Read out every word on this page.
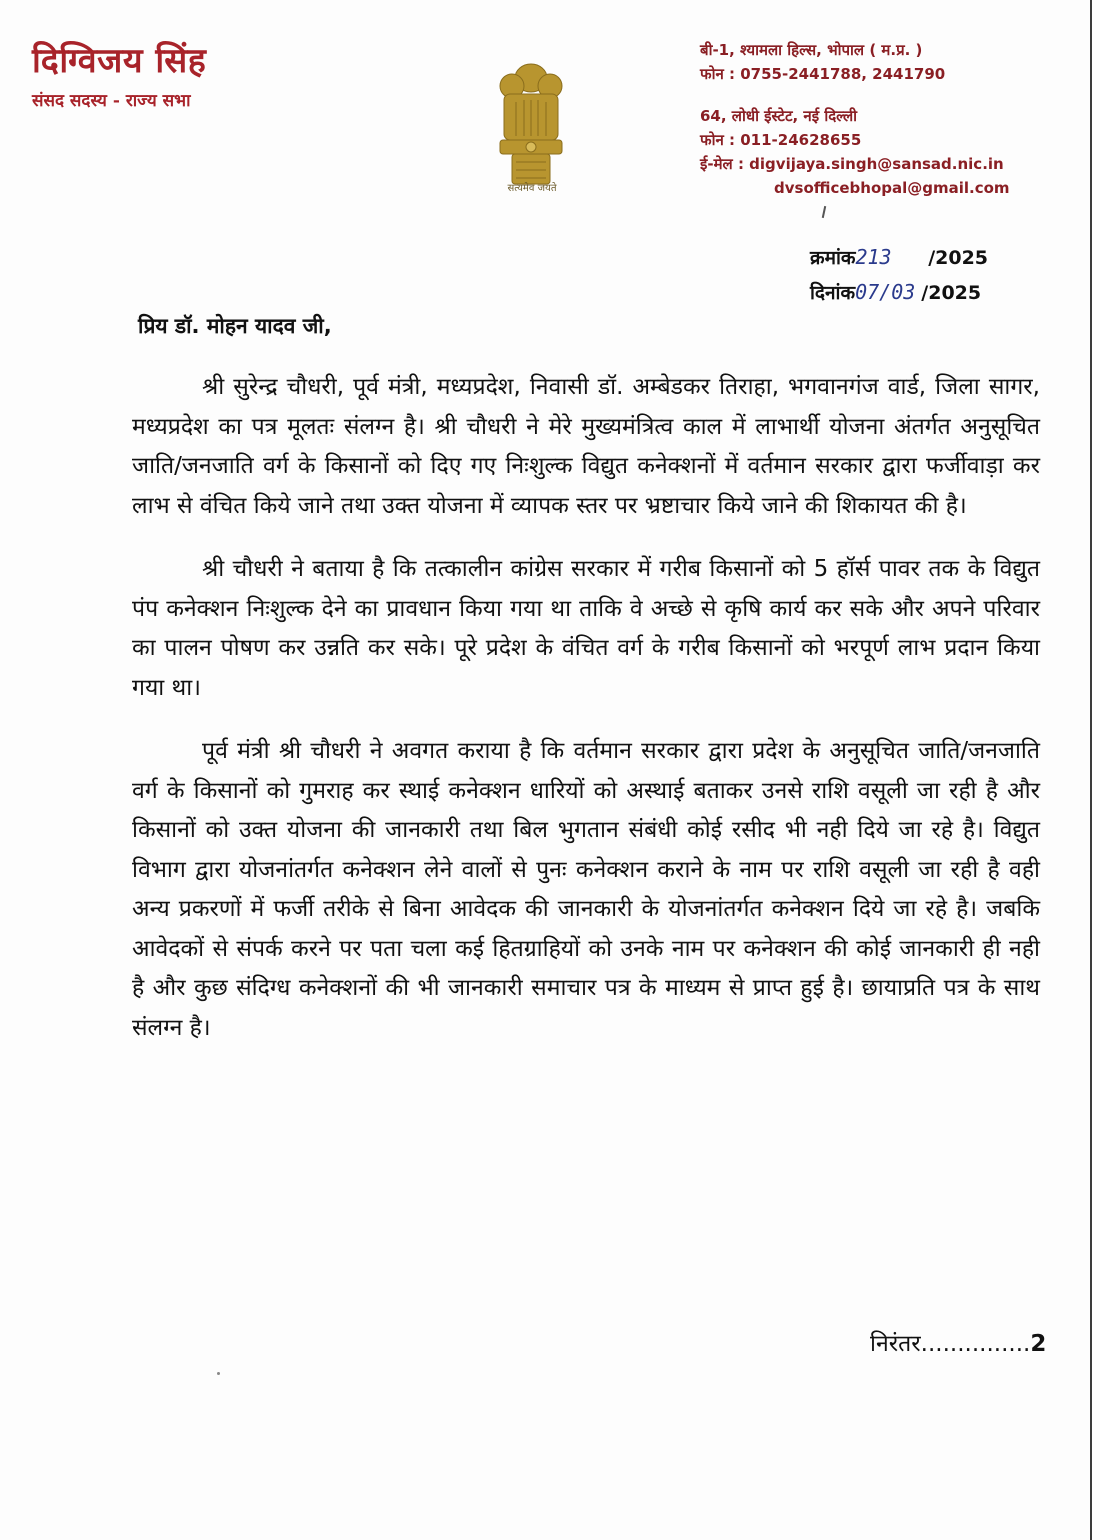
दिग्विजय सिंह
संसद सदस्य - राज्य सभा
सत्यमेव जयते
बी-1, श्यामला हिल्स, भोपाल ( म.प्र. )
फोन : 0755-2441788, 2441790
64, लोधी ईस्टेट, नई दिल्ली
फोन : 011-24628655
ई-मेल : digvijaya.singh@sansad.nic.in
dvsofficebhopal@gmail.com
क्रमांक213 /2025
दिनांक07/03 /2025
प्रिय डॉ. मोहन यादव जी,

श्री सुरेन्द्र चौधरी, पूर्व मंत्री, मध्यप्रदेश, निवासी डॉ. अम्बेडकर तिराहा, भगवानगंज वार्ड, जिला सागर, मध्यप्रदेश का पत्र मूलतः संलग्न है। श्री चौधरी ने मेरे मुख्यमंत्रित्व काल में लाभार्थी योजना अंतर्गत अनुसूचित जाति/जनजाति वर्ग के किसानों को दिए गए निःशुल्क विद्युत कनेक्शनों में वर्तमान सरकार द्वारा फर्जीवाड़ा कर लाभ से वंचित किये जाने तथा उक्त योजना में व्यापक स्तर पर भ्रष्टाचार किये जाने की शिकायत की है।

श्री चौधरी ने बताया है कि तत्कालीन कांग्रेस सरकार में गरीब किसानों को 5 हॉर्स पावर तक के विद्युत पंप कनेक्शन निःशुल्क देने का प्रावधान किया गया था ताकि वे अच्छे से कृषि कार्य कर सके और अपने परिवार का पालन पोषण कर उन्नति कर सके। पूरे प्रदेश के वंचित वर्ग के गरीब किसानों को भरपूर्ण लाभ प्रदान किया गया था।

पूर्व मंत्री श्री चौधरी ने अवगत कराया है कि वर्तमान सरकार द्वारा प्रदेश के अनुसूचित जाति/जनजाति वर्ग के किसानों को गुमराह कर स्थाई कनेक्शन धारियों को अस्थाई बताकर उनसे राशि वसूली जा रही है और किसानों को उक्त योजना की जानकारी तथा बिल भुगतान संबंधी कोई रसीद भी नही दिये जा रहे है। विद्युत विभाग द्वारा योजनांतर्गत कनेक्शन लेने वालों से पुनः कनेक्शन कराने के नाम पर राशि वसूली जा रही है वही अन्य प्रकरणों में फर्जी तरीके से बिना आवेदक की जानकारी के योजनांतर्गत कनेक्शन दिये जा रहे है। जबकि आवेदकों से संपर्क करने पर पता चला कई हितग्राहियों को उनके नाम पर कनेक्शन की कोई जानकारी ही नही है और कुछ संदिग्ध कनेक्शनों की भी जानकारी समाचार पत्र के माध्यम से प्राप्त हुई है। छायाप्रति पत्र के साथ संलग्न है।

निरंतर...............2
